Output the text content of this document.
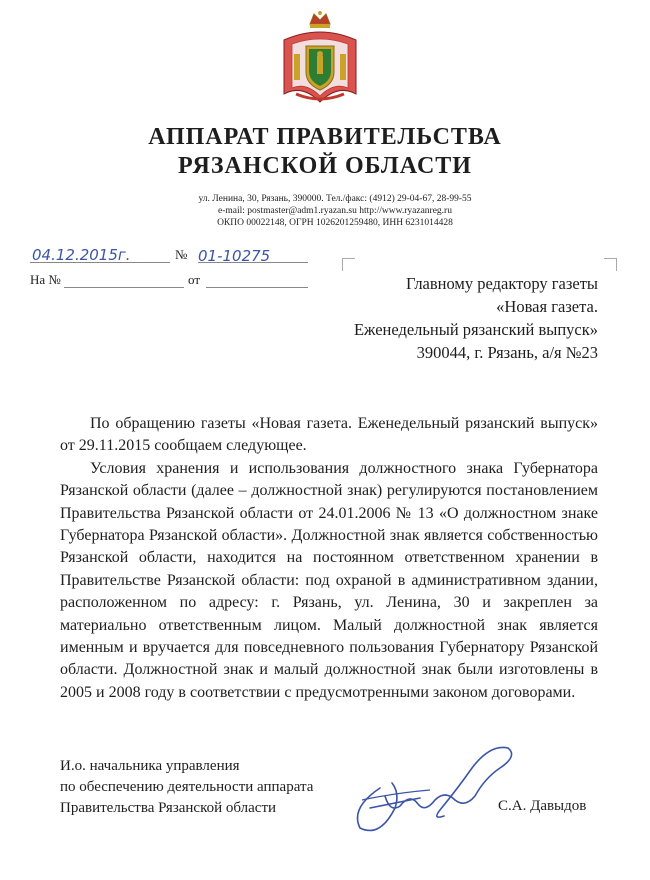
АППАРАТ ПРАВИТЕЛЬСТВА
РЯЗАНСКОЙ ОБЛАСТИ
ул. Ленина, 30, Рязань, 390000. Тел./факс: (4912) 29-04-67, 28-99-55
e-mail: postmaster@adm1.ryazan.su http://www.ryazanreg.ru
ОКПО 00022148, ОГРН 1026201259480, ИНН 6231014428
04.12.2015г.	№ 01-10275
На №	от	Главному редактору газеты
«Новая газета.
Еженедельный рязанский выпуск»
390044, г. Рязань, а/я №23

По обращению газеты «Новая газета. Еженедельный рязанский выпуск» от 29.11.2015 сообщаем следующее.

Условия хранения и использования должностного знака Губернатора Рязанской области (далее – должностной знак) регулируются постановлением Правительства Рязанской области от 24.01.2006 № 13 «О должностном знаке Губернатора Рязанской области». Должностной знак является собственностью Рязанской области, находится на постоянном ответственном хранении в Правительстве Рязанской области: под охраной в административном здании, расположенном по адресу: г. Рязань, ул. Ленина, 30 и закреплен за материально ответственным лицом. Малый должностной знак является именным и вручается для повседневного пользования Губернатору Рязанской области. Должностной знак и малый должностной знак были изготовлены в 2005 и 2008 году в соответствии с предусмотренными законом договорами.

И.о. начальника управления
по обеспечению деятельности аппарата
Правительства Рязанской области	С.А. Давыдов
